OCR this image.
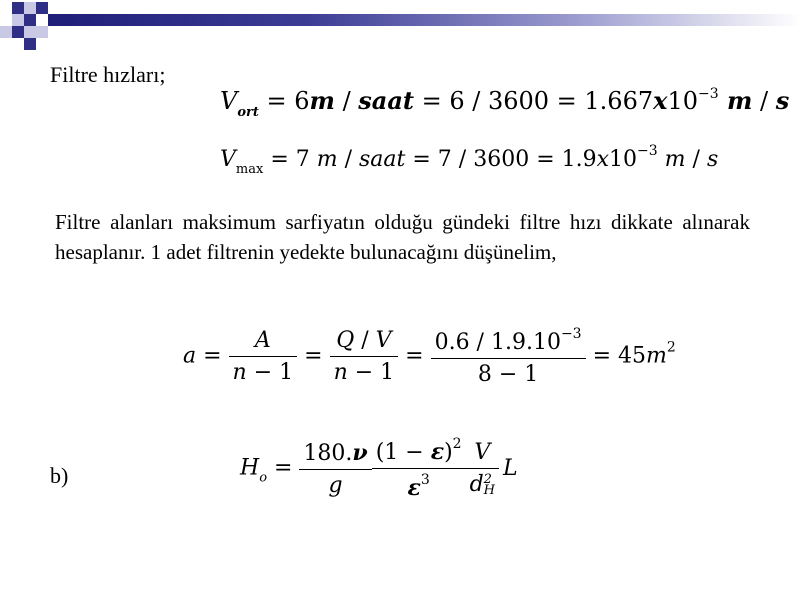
Filtre hızları;
$V_{ort} = 6m$ / saat = $6 / 3600 = 1.667x10^{-3}$ m / s
$V_{max} = 7$ m / saat = $7 / 3600 = 1.9x10^{-3}$ m / s
Filtre alanları maksimum sarfiyatın olduğu gündeki filtre hızı dikkate alınarak hesaplanır. 1 adet filtrenin yedekte bulunacağını düşünelim,
$a = \frac{A}{n - 1} = \frac{Q / V}{n - 1} = \frac{0.6 / 1.9.10^{-3}}{8 - 1} = 45m^2$
b)	$H_o = \frac{180.\nu}{g} \frac{(1 - \varepsilon)^2}{\varepsilon^3}$ V
d 2
H L
